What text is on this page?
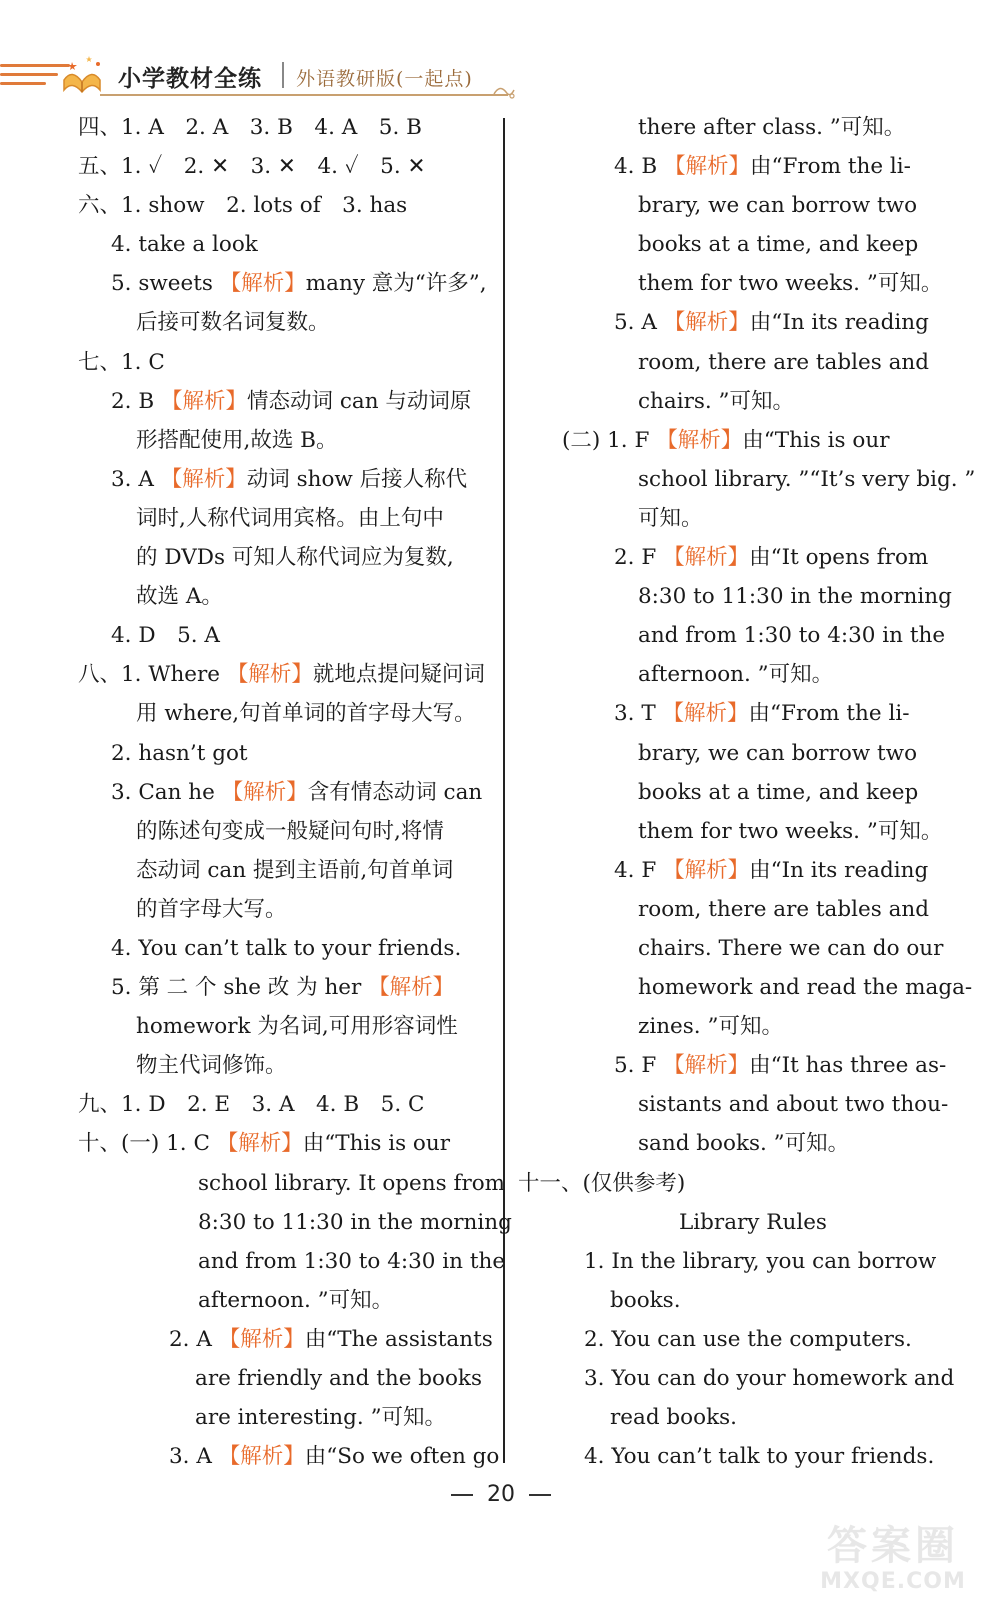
小学教材全练 外语教研版(一起点)
四、1. A　2. A　3. B　4. A　5. B
五、1. ✓　2. ✕　3. ✕　4. ✓　5. ✕
六、1. show　2. lots of　3. has
4. take a look
5. sweets 【解析】many 意为“许多”,
后接可数名词复数。
七、1. C
2. B 【解析】情态动词 can 与动词原
形搭配使用,故选 B。
3. A 【解析】动词 show 后接人称代
词时,人称代词用宾格。由上句中
的 DVDs 可知人称代词应为复数,
故选 A。
4. D　5. A
八、1. Where 【解析】就地点提问疑问词
用 where,句首单词的首字母大写。
2. hasn’t got
3. Can he 【解析】含有情态动词 can
的陈述句变成一般疑问句时,将情
态动词 can 提到主语前,句首单词
的首字母大写。
4. You can’t talk to your friends.
5. 第 二 个 she 改 为 her 【解析】
homework 为名词,可用形容词性
物主代词修饰。
九、1. D　2. E　3. A　4. B　5. C
十、(一) 1. C 【解析】由“This is our
school library. It opens from
8:30 to 11:30 in the morning
and from 1:30 to 4:30 in the
afternoon. ”可知。
2. A 【解析】由“The assistants
are friendly and the books
are interesting. ”可知。
3. A 【解析】由“So we often go
there after class. ”可知。
4. B 【解析】由“From the li-
brary, we can borrow two
books at a time, and keep
them for two weeks. ”可知。
5. A 【解析】由“In its reading
room, there are tables and
chairs. ”可知。
(二) 1. F 【解析】由“This is our
school library. ”“It’s very big. ”
可知。
2. F 【解析】由“It opens from
8:30 to 11:30 in the morning
and from 1:30 to 4:30 in the
afternoon. ”可知。
3. T 【解析】由“From the li-
brary, we can borrow two
books at a time, and keep
them for two weeks. ”可知。
4. F 【解析】由“In its reading
room, there are tables and
chairs. There we can do our
homework and read the maga-
zines. ”可知。
5. F 【解析】由“It has three as-
sistants and about two thou-
sand books. ”可知。
十一、(仅供参考)
Library Rules
1. In the library, you can borrow
books.
2. You can use the computers.
3. You can do your homework and
read books.
4. You can’t talk to your friends.
20
答案圈
MXQE.COM
